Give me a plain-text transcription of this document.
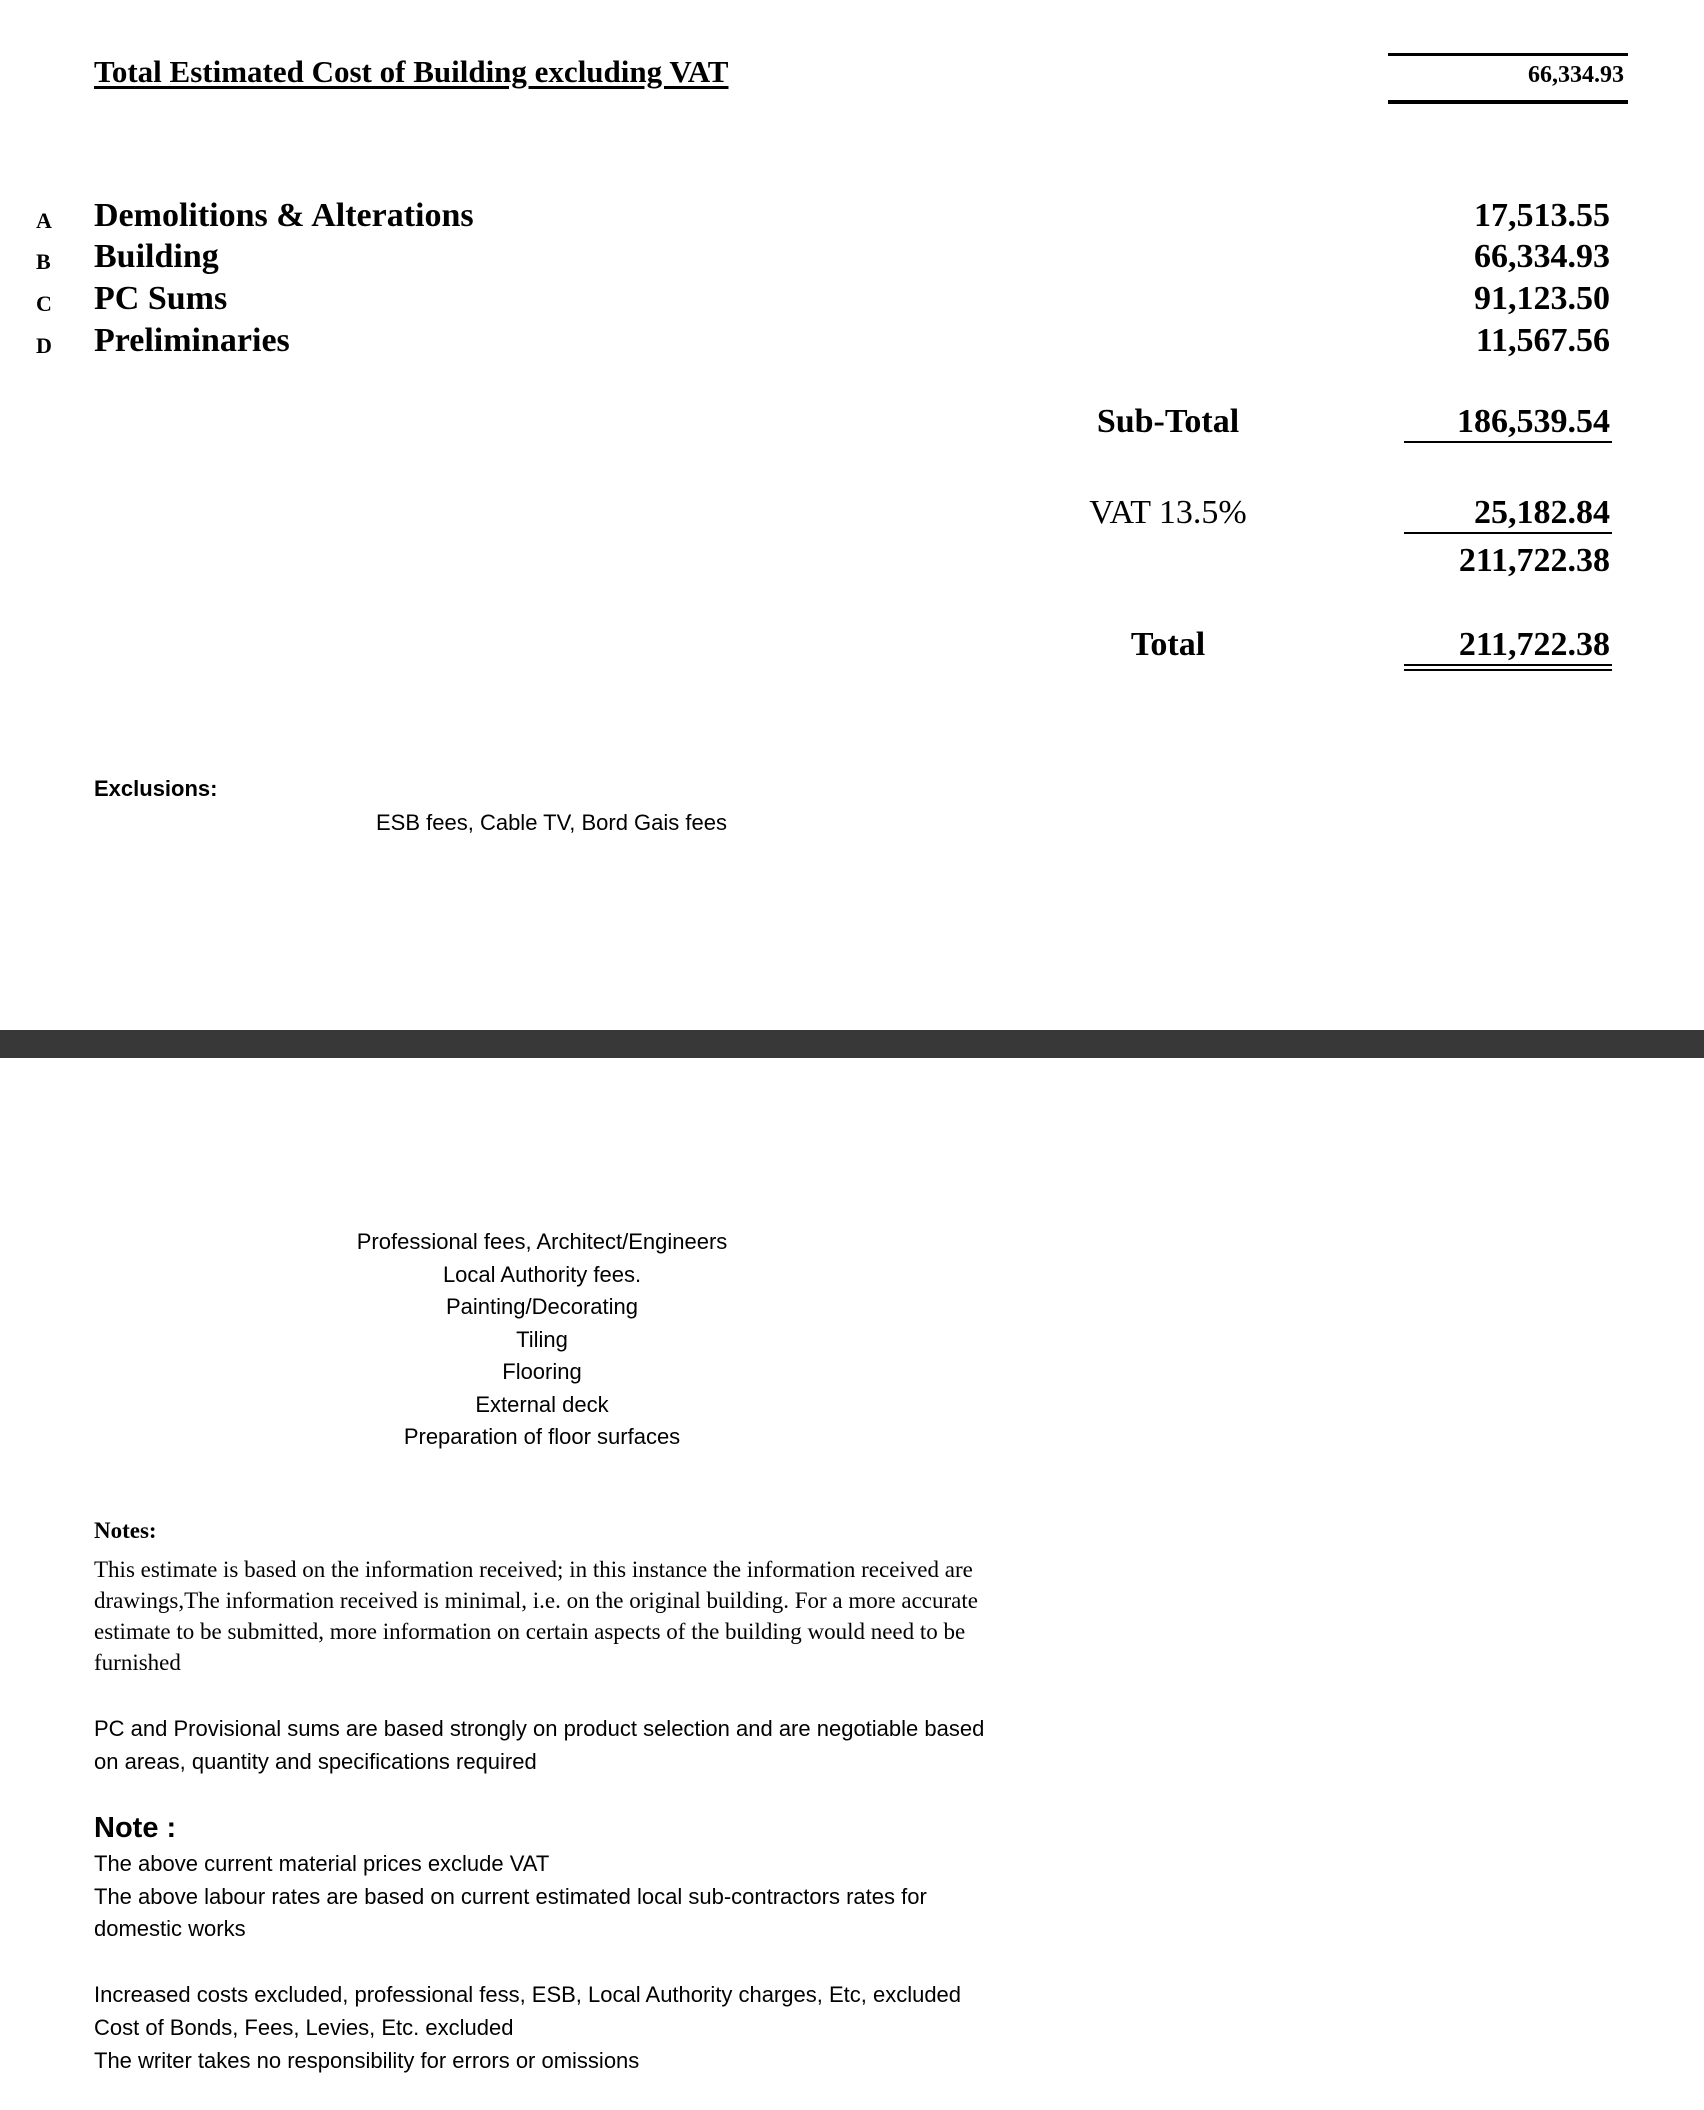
Total Estimated Cost of Building excluding VAT	66,334.93
A Demolitions & Alterations	17,513.55
B Building	66,334.93
C PC Sums	91,123.50
D Preliminaries	11,567.56
Sub-Total	186,539.54
VAT 13.5%	25,182.84
211,722.38
Total	211,722.38
Exclusions:
ESB fees, Cable TV, Bord Gais fees
Professional fees, Architect/Engineers
Local Authority fees.
Painting/Decorating
Tiling
Flooring
External deck
Preparation of floor surfaces
Notes:
This estimate is based on the information received; in this instance the information received are drawings,The information received is minimal, i.e. on the original building. For a more accurate estimate to be submitted, more information on certain aspects of the building would need to be furnished
PC and Provisional sums are based strongly on product selection and are negotiable based on areas, quantity and specifications required
Note :
The above current material prices exclude VAT
The above labour rates are based on current estimated local sub-contractors rates for
domestic works
Increased costs excluded, professional fess, ESB, Local Authority charges, Etc, excluded
Cost of Bonds, Fees, Levies, Etc. excluded
The writer takes no responsibility for errors or omissions
